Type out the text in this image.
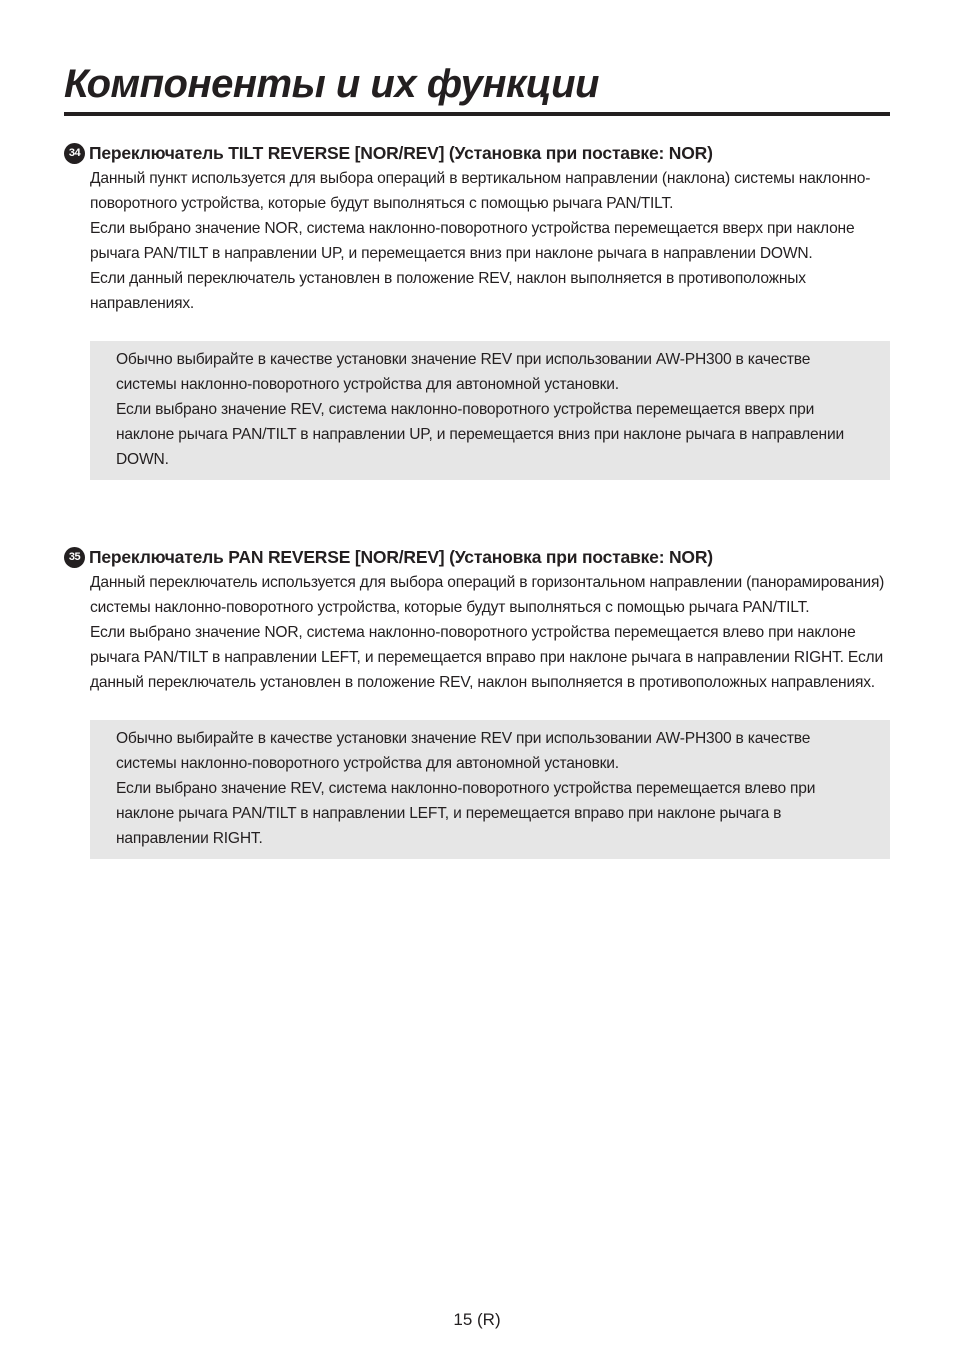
Компоненты и их функции
34 Переключатель TILT REVERSE [NOR/REV] (Установка при поставке: NOR)

Данный пункт используется для выбора операций в вертикальном направлении (наклона) системы наклонно-поворотного устройства, которые будут выполняться с помощью рычага PAN/TILT.

Если выбрано значение NOR, система наклонно-поворотного устройства перемещается вверх при наклоне рычага PAN/TILT в направлении UP, и перемещается вниз при наклоне рычага в направлении DOWN.

Если данный переключатель установлен в положение REV, наклон выполняется в противоположных направлениях.

Обычно выбирайте в качестве установки значение REV при использовании AW-PH300 в качестве системы наклонно-поворотного устройства для автономной установки.

Если выбрано значение REV, система наклонно-поворотного устройства перемещается вверх при наклоне рычага PAN/TILT в направлении UP, и перемещается вниз при наклоне рычага в направлении DOWN.

35 Переключатель PAN REVERSE [NOR/REV] (Установка при поставке: NOR)

Данный переключатель используется для выбора операций в горизонтальном направлении (панорамирования) системы наклонно-поворотного устройства, которые будут выполняться с помощью рычага PAN/TILT.

Если выбрано значение NOR, система наклонно-поворотного устройства перемещается влево при наклоне рычага PAN/TILT в направлении LEFT, и перемещается вправо при наклоне рычага в направлении RIGHT. Если данный переключатель установлен в положение REV, наклон выполняется в противоположных направлениях.

Обычно выбирайте в качестве установки значение REV при использовании AW-PH300 в качестве системы наклонно-поворотного устройства для автономной установки.

Если выбрано значение REV, система наклонно-поворотного устройства перемещается влево при наклоне рычага PAN/TILT в направлении LEFT, и перемещается вправо при наклоне рычага в направлении RIGHT.

15 (R)
